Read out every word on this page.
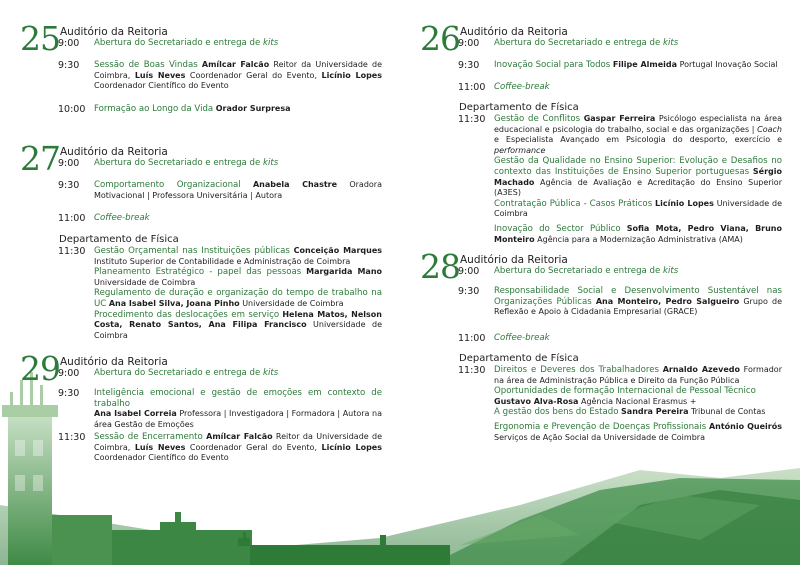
25 Auditório da Reitoria
9:00 Abertura do Secretariado e entrega de kits
9:30 Sessão de Boas Vindas Amílcar Falcão Reitor da Universidade de Coimbra, Luís Neves Coordenador Geral do Evento, Licínio Lopes Coordenador Científico do Evento
10:00 Formação ao Longo da Vida Orador Surpresa
27 Auditório da Reitoria
9:00 Abertura do Secretariado e entrega de kits
9:30 Comportamento Organizacional Anabela Chastre Oradora Motivacional | Professora Universitária | Autora
11:00 Coffee-break
Departamento de Física
11:30 Gestão Orçamental nas Instituições públicas Conceição Marques Instituto Superior de Contabilidade e Administração de Coimbra
Planeamento Estratégico - papel das pessoas Margarida Mano Universidade de Coimbra
Regulamento de duração e organização do tempo de trabalho na UC Ana Isabel Silva, Joana Pinho Universidade de Coimbra
Procedimento das deslocações em serviço Helena Matos, Nelson Costa, Renato Santos, Ana Filipa Francisco Universidade de Coimbra
29 Auditório da Reitoria
9:00 Abertura do Secretariado e entrega de kits
9:30 Inteligência emocional e gestão de emoções em contexto de trabalho
Ana Isabel Correia Professora | Investigadora | Formadora | Autora na área Gestão de Emoções
11:30 Sessão de Encerramento Amílcar Falcão Reitor da Universidade de Coimbra, Luís Neves Coordenador Geral do Evento, Licínio Lopes Coordenador Científico do Evento
26 Auditório da Reitoria
9:00 Abertura do Secretariado e entrega de kits
9:30 Inovação Social para Todos Filipe Almeida Portugal Inovação Social
11:00 Coffee-break
Departamento de Física
11:30 Gestão de Conflitos Gaspar Ferreira Psicólogo especialista na área educacional e psicologia do trabalho, social e das organizações | Coach e Especialista Avançado em Psicologia do desporto, exercício e performance
Gestão da Qualidade no Ensino Superior: Evolução e Desafios no contexto das Instituições de Ensino Superior portuguesas Sérgio Machado Agência de Avaliação e Acreditação do Ensino Superior (A3ES)
Contratação Pública - Casos Práticos Licínio Lopes Universidade de Coimbra
Inovação do Sector Público Sofia Mota, Pedro Viana, Bruno Monteiro Agência para a Modernização Administrativa (AMA)
28 Auditório da Reitoria
9:00 Abertura do Secretariado e entrega de kits
9:30 Responsabilidade Social e Desenvolvimento Sustentável nas Organizações Públicas Ana Monteiro, Pedro Salgueiro Grupo de Reflexão e Apoio à Cidadania Empresarial (GRACE)
11:00 Coffee-break
Departamento de Física
11:30 Direitos e Deveres dos Trabalhadores Arnaldo Azevedo Formador na área de Administração Pública e Direito da Função Pública
Oportunidades de formação Internacional de Pessoal Técnico
Gustavo Alva-Rosa Agência Nacional Erasmus +
A gestão dos bens do Estado Sandra Pereira Tribunal de Contas
Ergonomia e Prevenção de Doenças Profissionais António Queirós Serviços de Ação Social da Universidade de Coimbra
